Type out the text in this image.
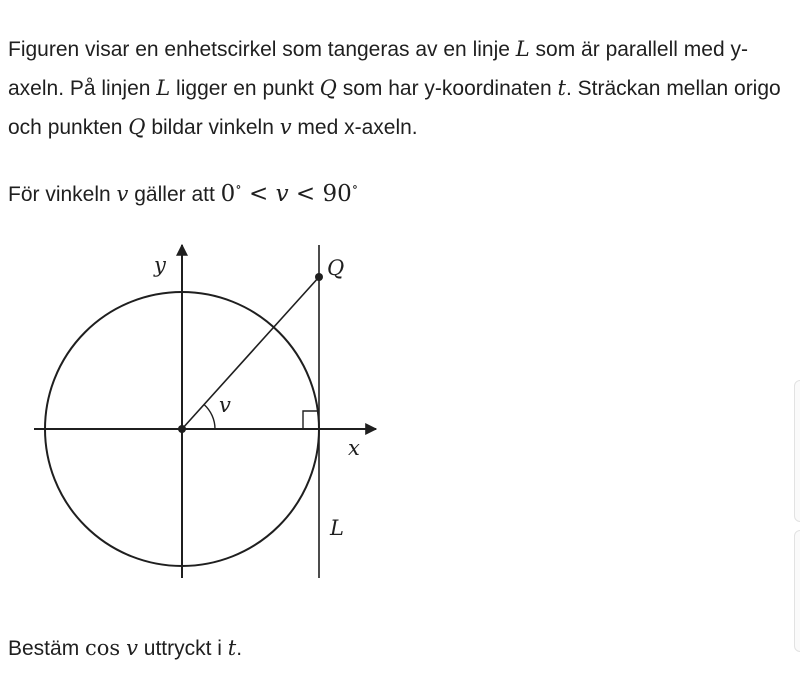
Figuren visar en enhetscirkel som tangeras av en linje L som är parallell med y-axeln. På linjen L ligger en punkt Q som har y-koordinaten t. Sträckan mellan origo och punkten Q bildar vinkeln v med x-axeln.

För vinkeln v gäller att 0∘ < v < 90∘

y
x
Q
v
L

Bestäm cos v uttryckt i t.
